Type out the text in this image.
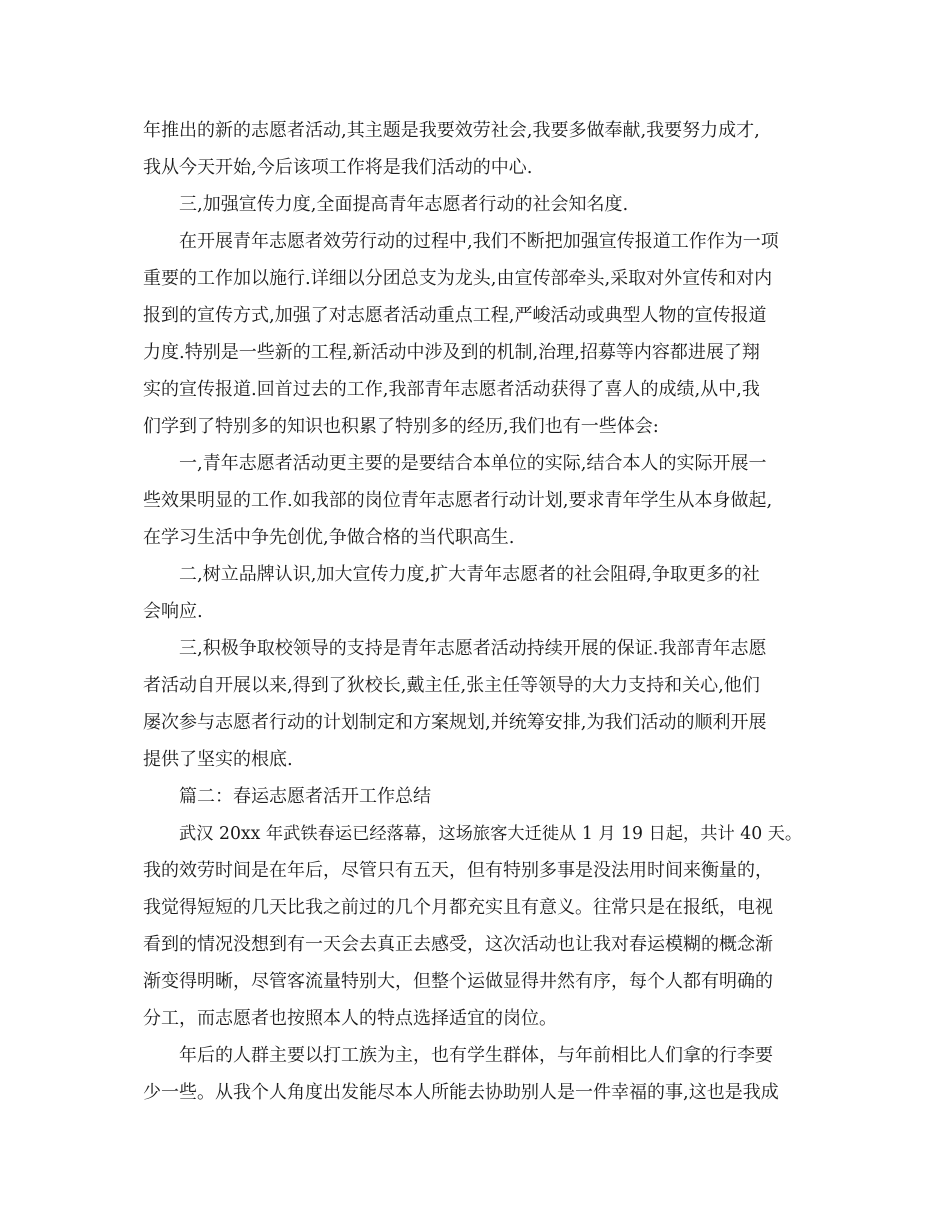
年推出的新的志愿者活动,其主题是我要效劳社会,我要多做奉献,我要努力成才,
我从今天开始,今后该项工作将是我们活动的中心.
三,加强宣传力度,全面提高青年志愿者行动的社会知名度.
在开展青年志愿者效劳行动的过程中,我们不断把加强宣传报道工作作为一项
重要的工作加以施行.详细以分团总支为龙头,由宣传部牵头,采取对外宣传和对内
报到的宣传方式,加强了对志愿者活动重点工程,严峻活动或典型人物的宣传报道
力度.特别是一些新的工程,新活动中涉及到的机制,治理,招募等内容都进展了翔
实的宣传报道.回首过去的工作,我部青年志愿者活动获得了喜人的成绩,从中,我
们学到了特别多的知识也积累了特别多的经历,我们也有一些体会:
一,青年志愿者活动更主要的是要结合本单位的实际,结合本人的实际开展一
些效果明显的工作.如我部的岗位青年志愿者行动计划,要求青年学生从本身做起,
在学习生活中争先创优,争做合格的当代职高生.
二,树立品牌认识,加大宣传力度,扩大青年志愿者的社会阻碍,争取更多的社
会响应.
三,积极争取校领导的支持是青年志愿者活动持续开展的保证.我部青年志愿
者活动自开展以来,得到了狄校长,戴主任,张主任等领导的大力支持和关心,他们
屡次参与志愿者行动的计划制定和方案规划,并统筹安排,为我们活动的顺利开展
提供了坚实的根底.
篇二：春运志愿者活开工作总结
武汉 20xx 年武铁春运已经落幕，这场旅客大迁徙从 1 月 19 日起，共计 40 天。
我的效劳时间是在年后，尽管只有五天，但有特别多事是没法用时间来衡量的，
我觉得短短的几天比我之前过的几个月都充实且有意义。往常只是在报纸，电视
看到的情况没想到有一天会去真正去感受，这次活动也让我对春运模糊的概念渐
渐变得明晰，尽管客流量特别大，但整个运做显得井然有序，每个人都有明确的
分工，而志愿者也按照本人的特点选择适宜的岗位。
年后的人群主要以打工族为主，也有学生群体，与年前相比人们拿的行李要
少一些。从我个人角度出发能尽本人所能去协助别人是一件幸福的事,这也是我成
